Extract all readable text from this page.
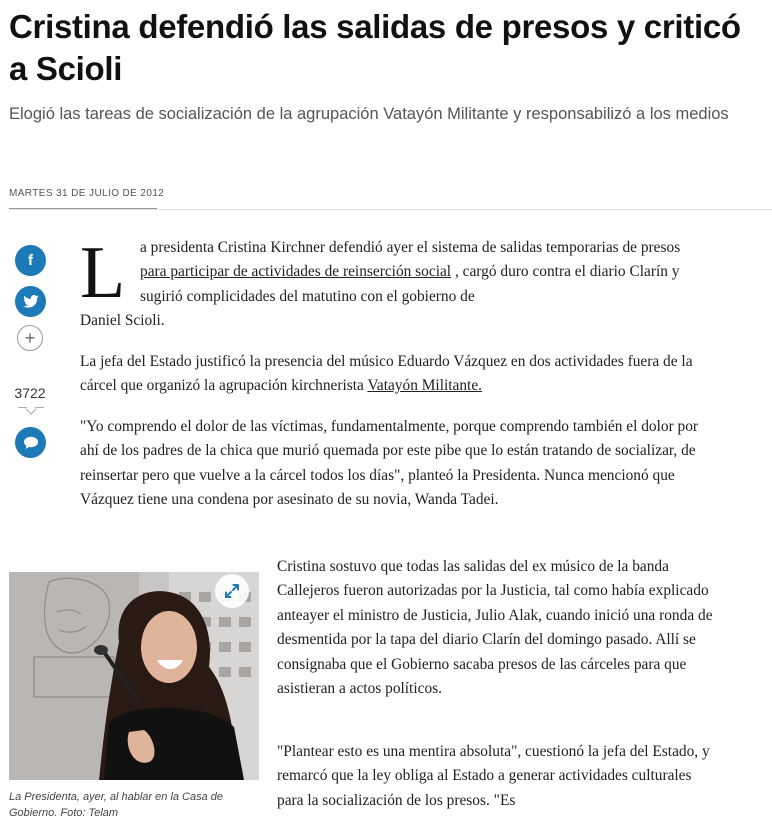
Cristina defendió las salidas de presos y criticó a Scioli

Elogió las tareas de socialización de la agrupación Vatayón Militante y responsabilizó a los medios

MARTES 31 DE JULIO DE 2012
f
+
3722
L a presidenta Cristina Kirchner defendió ayer el sistema de salidas temporarias de presos para participar de actividades de reinserción social , cargó duro contra el diario Clarín y sugirió complicidades del matutino con el gobierno de

Daniel Scioli.

La jefa del Estado justificó la presencia del músico Eduardo Vázquez en dos actividades fuera de la cárcel que organizó la agrupación kirchnerista Vatayón Militante.

"Yo comprendo el dolor de las víctimas, fundamentalmente, porque comprendo también el dolor por ahí de los padres de la chica que murió quemada por este pibe que lo están tratando de socializar, de reinsertar pero que vuelve a la cárcel todos los días", planteó la Presidenta. Nunca mencionó que Vázquez tiene una condena por asesinato de su novia, Wanda Tadei.

La Presidenta, ayer, al hablar en la Casa de Gobierno. Foto: Telam

Cristina sostuvo que todas las salidas del ex músico de la banda Callejeros fueron autorizadas por la Justicia, tal como había explicado anteayer el ministro de Justicia, Julio Alak, cuando inició una ronda de desmentida por la tapa del diario Clarín del domingo pasado. Allí se consignaba que el Gobierno sacaba presos de las cárceles para que asistieran a actos políticos.

"Plantear esto es una mentira absoluta", cuestionó la jefa del Estado, y remarcó que la ley obliga al Estado a generar actividades culturales para la socialización de los presos. "Es
